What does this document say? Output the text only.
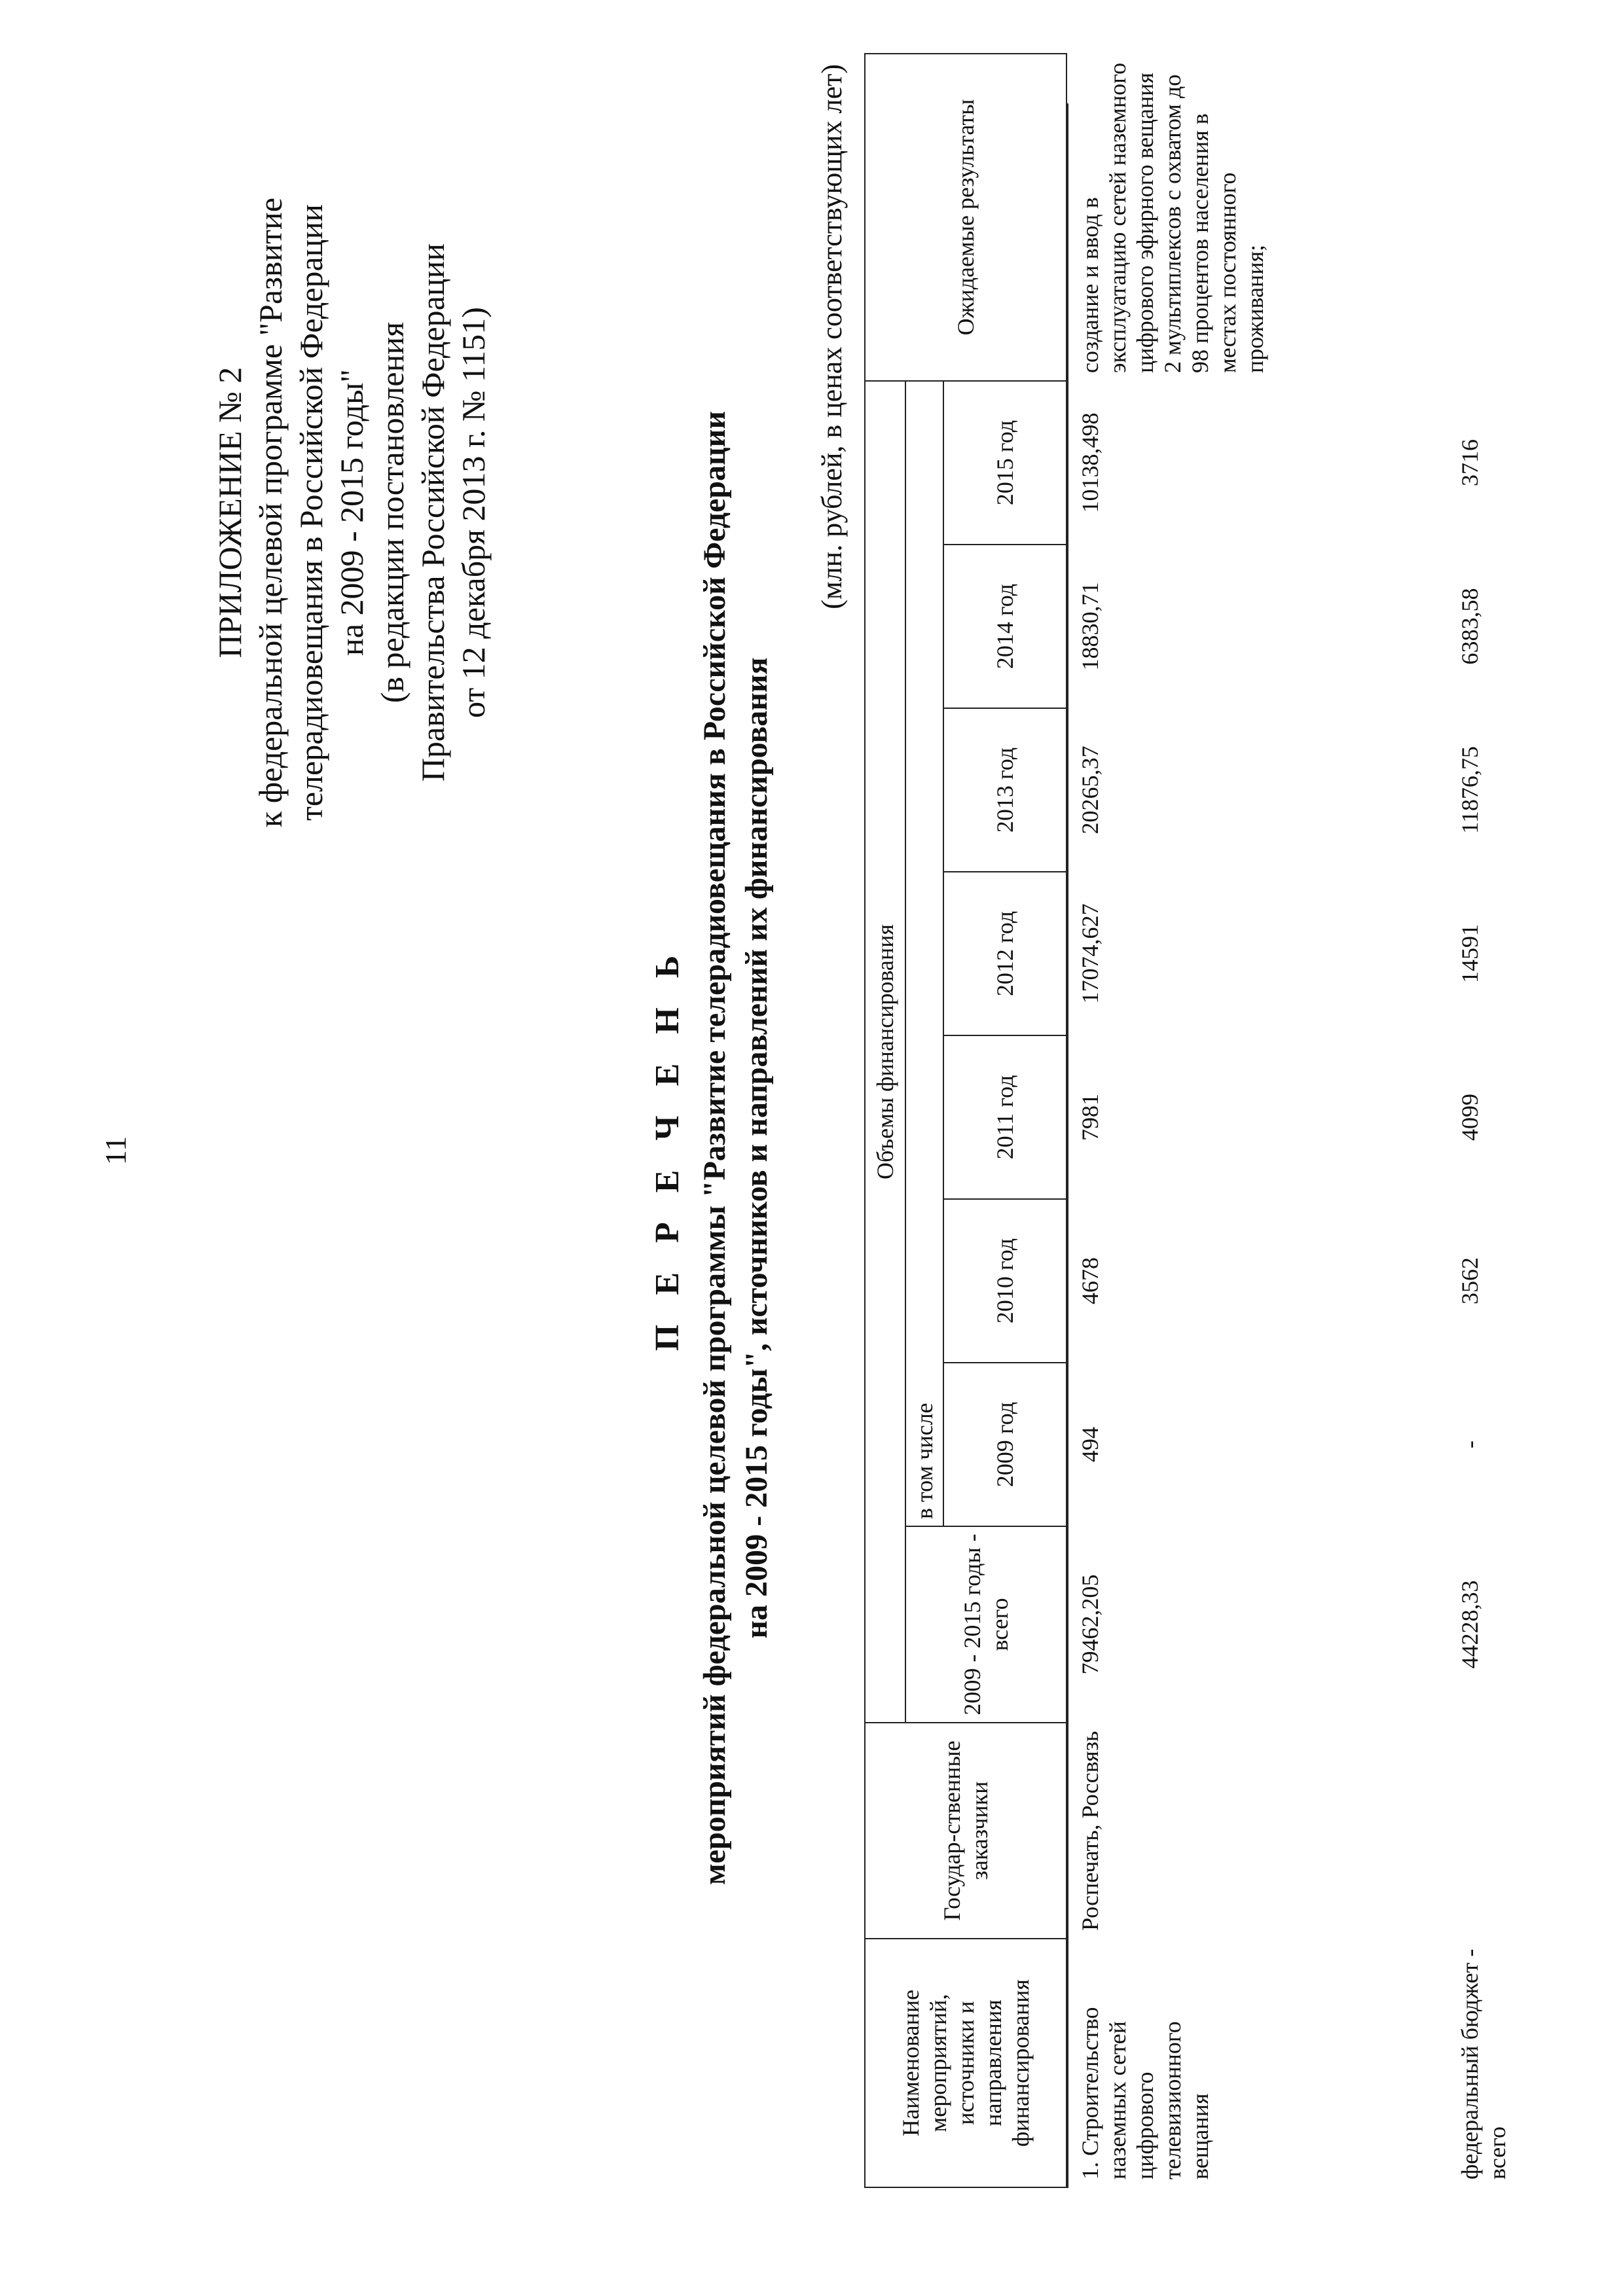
11
ПРИЛОЖЕНИЕ № 2 к федеральной целевой программе "Развитие телерадиовещания в Российской Федерации на 2009 - 2015 годы" (в редакции постановления Правительства Российской Федерации от 12 декабря 2013 г. № 1151)
П Е Р Е Ч Е Н Ь мероприятий федеральной целевой программы "Развитие телерадиовещания в Российской Федерации на 2009 - 2015 годы", источников и направлений их финансирования
(млн. рублей, в ценах соответствующих лет)
Наименование мероприятий, источники и направления финансирования	Государ-ственные заказчики	Объемы финансирования								Ожидаемые результаты
		2009 - 2015 годы - всего	в том числе							
			2009 год	2010 год	2011 год	2012 год	2013 год	2014 год	2015 год	
1. Строительство наземных сетей цифрового телевизионного вещания	Роспечать, Россвязь	79462,205	494	4678	7981	17074,627	20265,37	18830,71	10138,498	создание и ввод в эксплуатацию сетей наземного цифрового эфирного вещания 2 мультиплексов с охватом до 98 процентов населения в местах постоянного проживания;
федеральный бюджет - всего		44228,33	-	3562	4099	14591	11876,75	6383,58	3716	
